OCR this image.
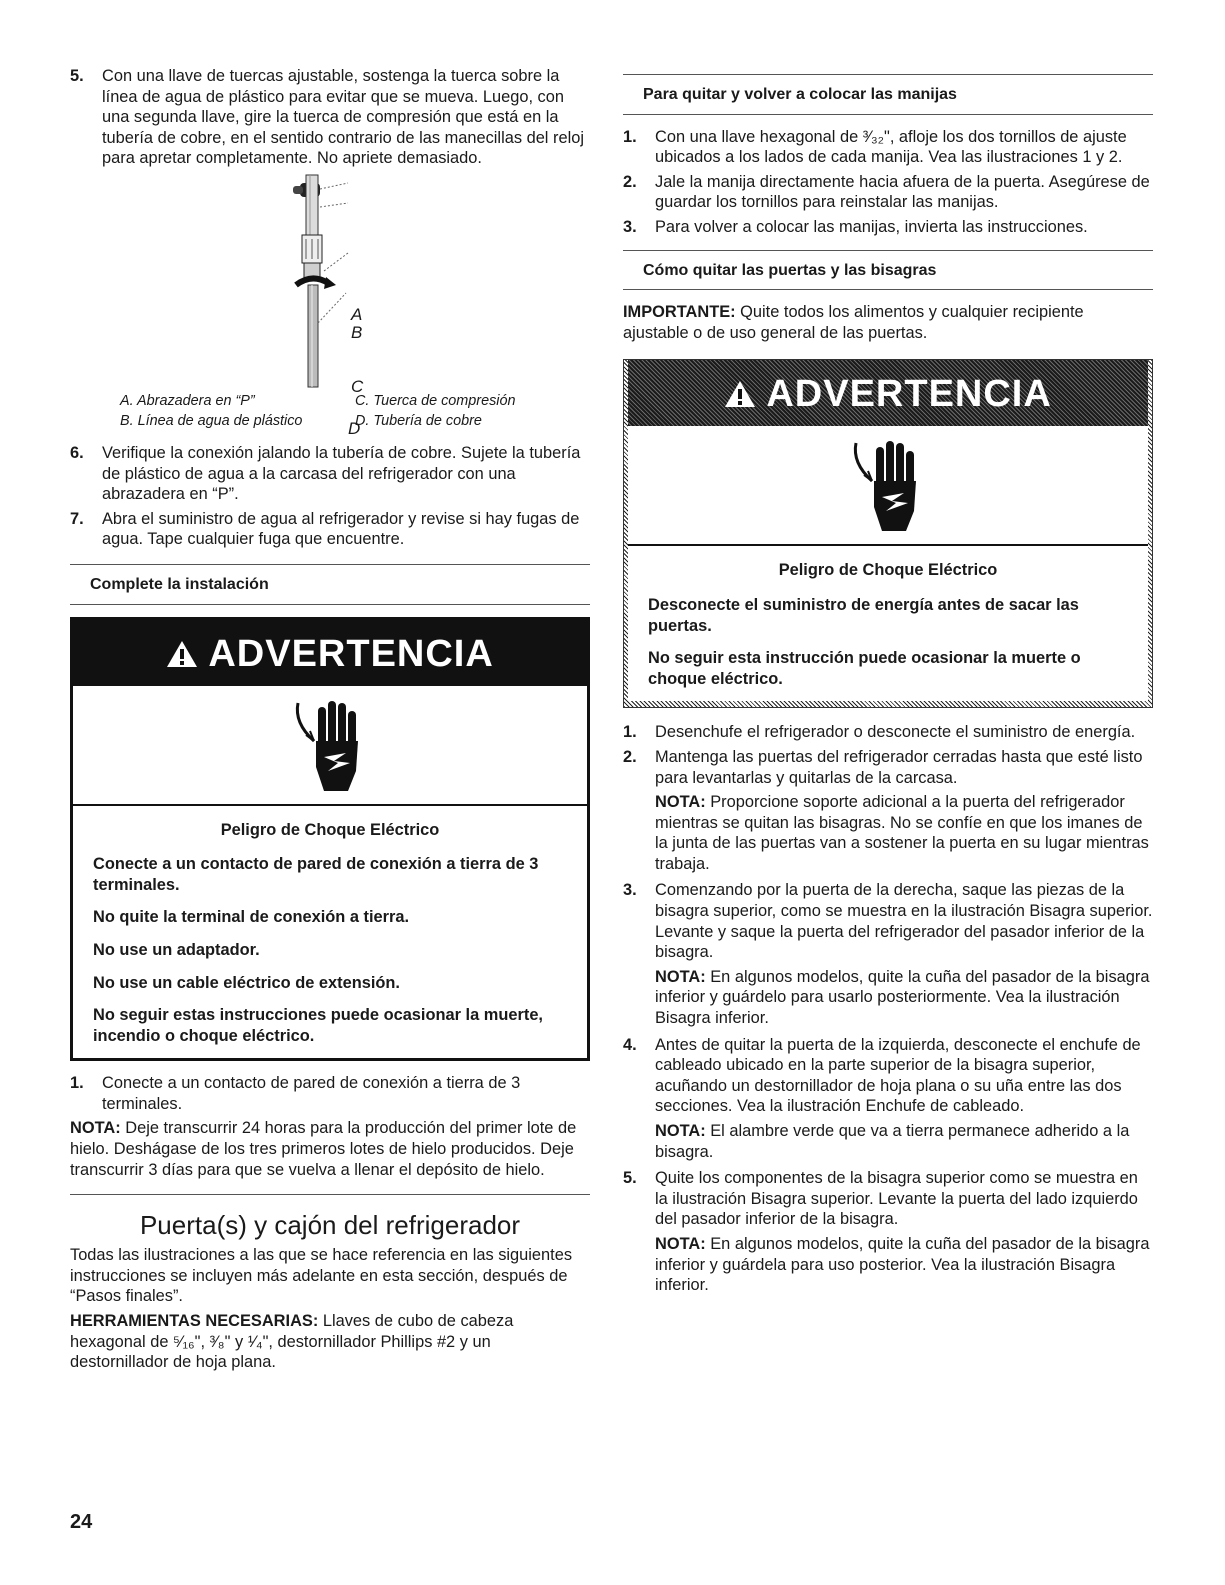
5.	Con una llave de tuercas ajustable, sostenga la tuerca sobre la línea de agua de plástico para evitar que se mueva. Luego, con una segunda llave, gire la tuerca de compresión que está en la tubería de cobre, en el sentido contrario de las manecillas del reloj para apretar completamente. No apriete demasiado.
A
B
C
D
A. Abrazadera en “P”	C. Tuerca de compresión
B. Línea de agua de plástico	D. Tubería de cobre
6.	Verifique la conexión jalando la tubería de cobre. Sujete la tubería de plástico de agua a la carcasa del refrigerador con una abrazadera en “P”.
7.	Abra el suministro de agua al refrigerador y revise si hay fugas de agua. Tape cualquier fuga que encuentre.
Complete la instalación
ADVERTENCIA
Peligro de Choque Eléctrico

Conecte a un contacto de pared de conexión a tierra de 3 terminales.

No quite la terminal de conexión a tierra.

No use un adaptador.

No use un cable eléctrico de extensión.

No seguir estas instrucciones puede ocasionar la muerte, incendio o choque eléctrico.

1.	Conecte a un contacto de pared de conexión a tierra de 3 terminales.
NOTA: Deje transcurrir 24 horas para la producción del primer lote de hielo. Deshágase de los tres primeros lotes de hielo producidos. Deje transcurrir 3 días para que se vuelva a llenar el depósito de hielo.
Puerta(s) y cajón del refrigerador
Todas las ilustraciones a las que se hace referencia en las siguientes instrucciones se incluyen más adelante en esta sección, después de “Pasos finales”.
HERRAMIENTAS NECESARIAS: Llaves de cubo de cabeza hexagonal de ⁵⁄₁₆", ³⁄₈" y ¹⁄₄", destornillador Phillips #2 y un destornillador de hoja plana.
Para quitar y volver a colocar las manijas
1.	Con una llave hexagonal de ³⁄₃₂", afloje los dos tornillos de ajuste ubicados a los lados de cada manija. Vea las ilustraciones 1 y 2.
2.	Jale la manija directamente hacia afuera de la puerta. Asegúrese de guardar los tornillos para reinstalar las manijas.
3.	Para volver a colocar las manijas, invierta las instrucciones.
Cómo quitar las puertas y las bisagras
IMPORTANTE: Quite todos los alimentos y cualquier recipiente ajustable o de uso general de las puertas.
ADVERTENCIA
Peligro de Choque Eléctrico

Desconecte el suministro de energía antes de sacar las puertas.

No seguir esta instrucción puede ocasionar la muerte o choque eléctrico.

1.	Desenchufe el refrigerador o desconecte el suministro de energía.
2.	Mantenga las puertas del refrigerador cerradas hasta que esté listo para levantarlas y quitarlas de la carcasa.
NOTA: Proporcione soporte adicional a la puerta del refrigerador mientras se quitan las bisagras. No se confíe en que los imanes de la junta de las puertas van a sostener la puerta en su lugar mientras trabaja.
3.	Comenzando por la puerta de la derecha, saque las piezas de la bisagra superior, como se muestra en la ilustración Bisagra superior. Levante y saque la puerta del refrigerador del pasador inferior de la bisagra.
NOTA: En algunos modelos, quite la cuña del pasador de la bisagra inferior y guárdelo para usarlo posteriormente. Vea la ilustración Bisagra inferior.
4.	Antes de quitar la puerta de la izquierda, desconecte el enchufe de cableado ubicado en la parte superior de la bisagra superior, acuñando un destornillador de hoja plana o su uña entre las dos secciones. Vea la ilustración Enchufe de cableado.
NOTA: El alambre verde que va a tierra permanece adherido a la bisagra.
5.	Quite los componentes de la bisagra superior como se muestra en la ilustración Bisagra superior. Levante la puerta del lado izquierdo del pasador inferior de la bisagra.
NOTA: En algunos modelos, quite la cuña del pasador de la bisagra inferior y guárdela para uso posterior. Vea la ilustración Bisagra inferior.
24
